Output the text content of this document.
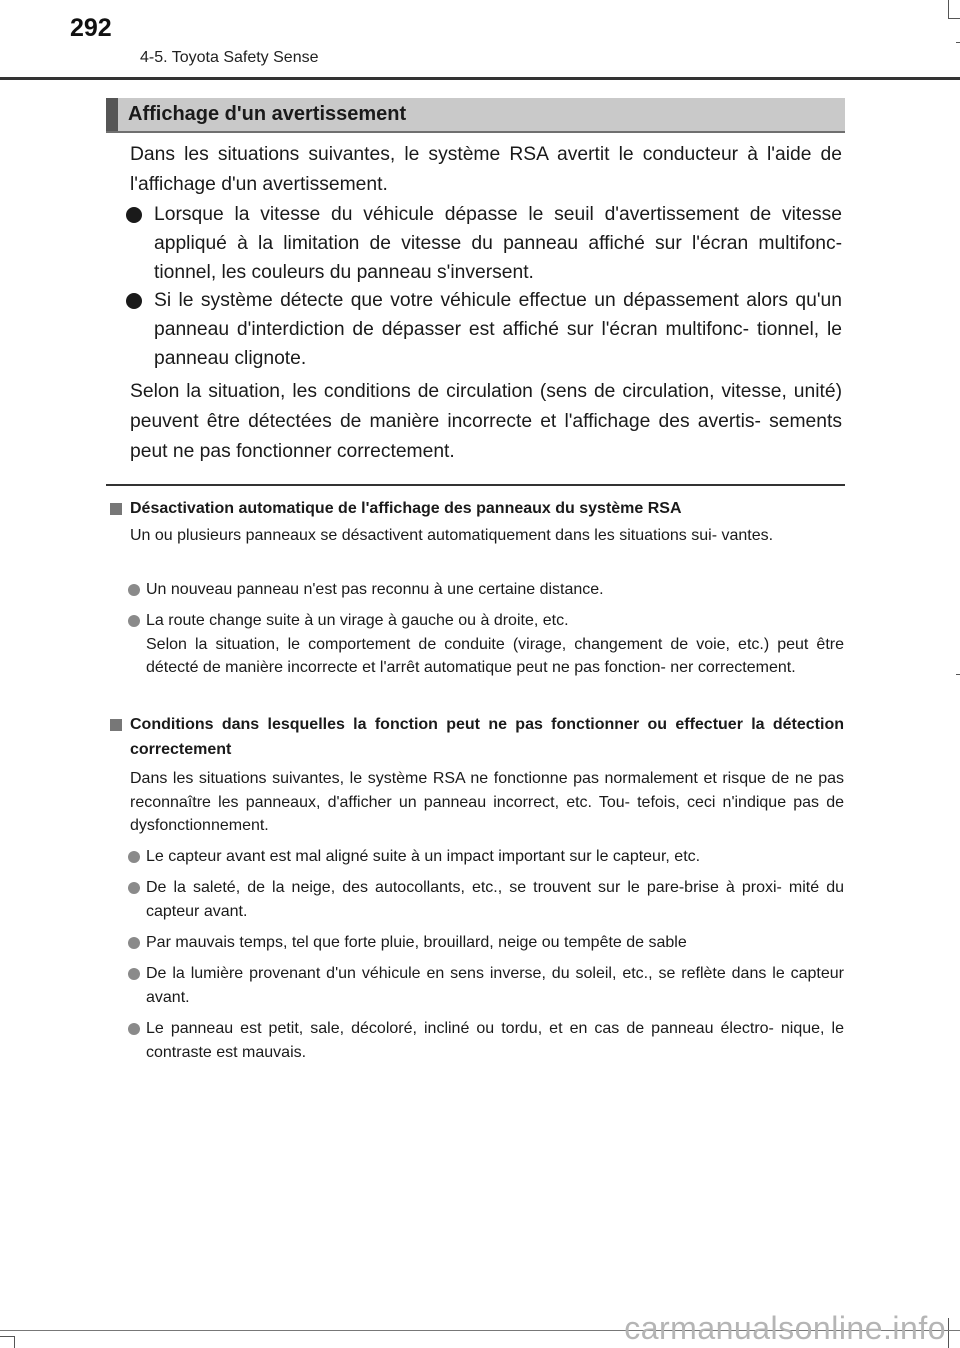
292
4-5. Toyota Safety Sense
Affichage d'un avertissement

Dans les situations suivantes, le système RSA avertit le conducteur à l'aide de l'affichage d'un avertissement.

Lorsque la vitesse du véhicule dépasse le seuil d'avertissement de vitesse appliqué à la limitation de vitesse du panneau affiché sur l'écran multifonc- tionnel, les couleurs du panneau s'inversent.
Si le système détecte que votre véhicule effectue un dépassement alors qu'un panneau d'interdiction de dépasser est affiché sur l'écran multifonc- tionnel, le panneau clignote.

Selon la situation, les conditions de circulation (sens de circulation, vitesse, unité) peuvent être détectées de manière incorrecte et l'affichage des avertis- sements peut ne pas fonctionner correctement.

Désactivation automatique de l'affichage des panneaux du système RSA
Un ou plusieurs panneaux se désactivent automatiquement dans les situations sui- vantes.
Un nouveau panneau n'est pas reconnu à une certaine distance.
La route change suite à un virage à gauche ou à droite, etc.
Selon la situation, le comportement de conduite (virage, changement de voie, etc.) peut être détecté de manière incorrecte et l'arrêt automatique peut ne pas fonction- ner correctement.
Conditions dans lesquelles la fonction peut ne pas fonctionner ou effectuer la détection correctement
Dans les situations suivantes, le système RSA ne fonctionne pas normalement et risque de ne pas reconnaître les panneaux, d'afficher un panneau incorrect, etc. Tou- tefois, ceci n'indique pas de dysfonctionnement.
Le capteur avant est mal aligné suite à un impact important sur le capteur, etc.
De la saleté, de la neige, des autocollants, etc., se trouvent sur le pare-brise à proxi- mité du capteur avant.
Par mauvais temps, tel que forte pluie, brouillard, neige ou tempête de sable
De la lumière provenant d'un véhicule en sens inverse, du soleil, etc., se reflète dans le capteur avant.
Le panneau est petit, sale, décoloré, incliné ou tordu, et en cas de panneau électro- nique, le contraste est mauvais.
carmanualsonline.info
